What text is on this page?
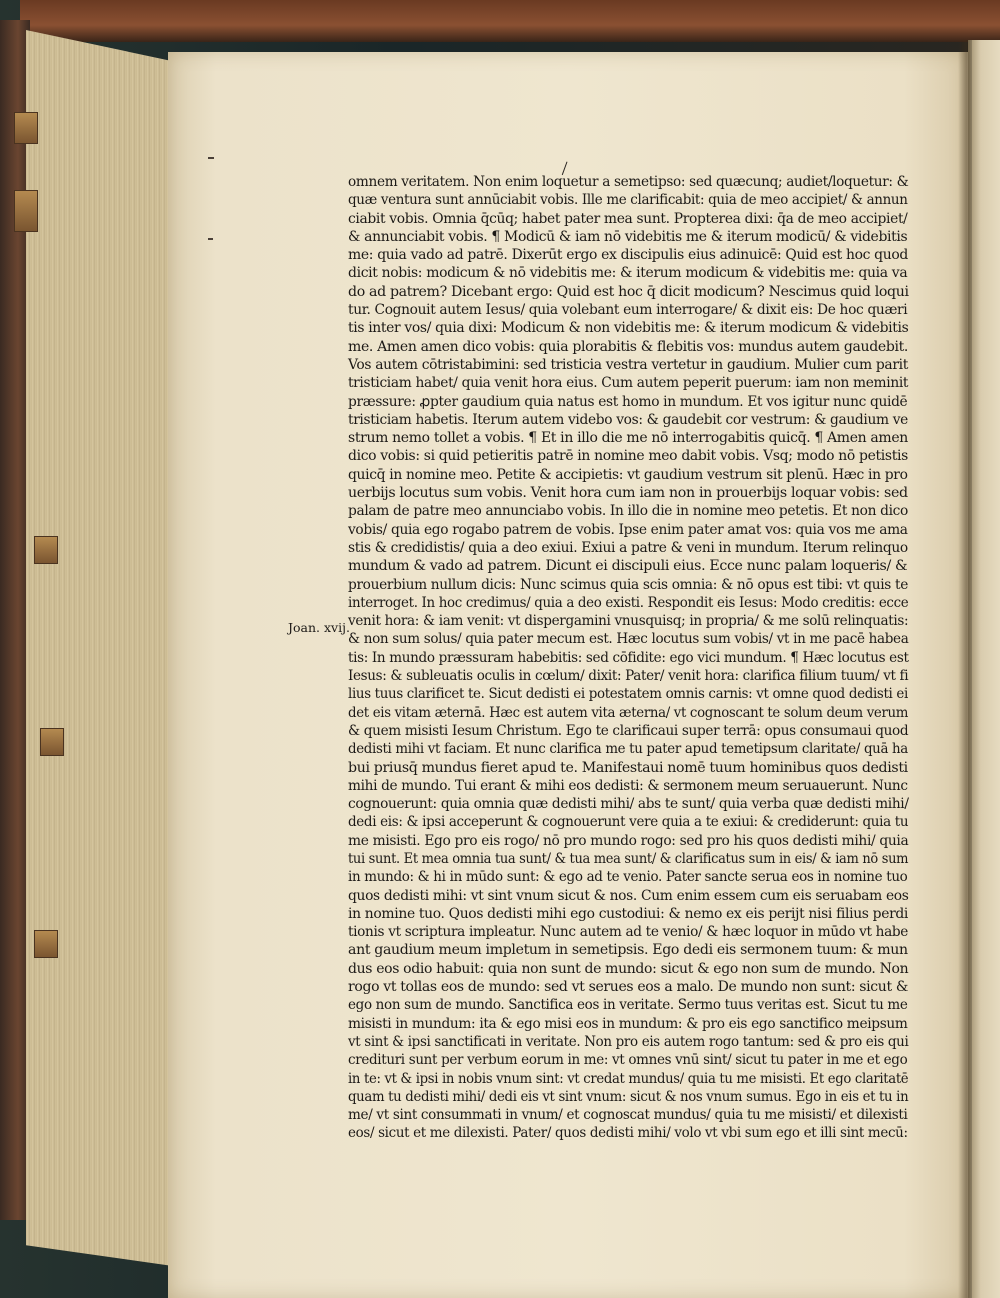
Joan. xvij.
omnem veritatem. Non enim loquetur a semetipso: sed quæcunq; audiet/loquetur: &
quæ ventura sunt annūciabit vobis. Ille me clarificabit: quia de meo accipiet/ & annun
ciabit vobis. Omnia q̄cūq; habet pater mea sunt. Propterea dixi: q̄a de meo accipiet/
& annunciabit vobis. ¶ Modicū & iam nō videbitis me & iterum modicū/ & videbitis
me: quia vado ad patrē. Dixerūt ergo ex discipulis eius adinuicē: Quid est hoc quod
dicit nobis: modicum & nō videbitis me: & iterum modicum & videbitis me: quia va
do ad patrem? Dicebant ergo: Quid est hoc q̄ dicit modicum? Nescimus quid loqui
tur. Cognouit autem Iesus/ quia volebant eum interrogare/ & dixit eis: De hoc quæri
tis inter vos/ quia dixi: Modicum & non videbitis me: & iterum modicum & videbitis
me. Amen amen dico vobis: quia plorabitis & flebitis vos: mundus autem gaudebit.
Vos autem cōtristabimini: sed tristicia vestra vertetur in gaudium. Mulier cum parit
tristiciam habet/ quia venit hora eius. Cum autem peperit puerum: iam non meminit
præssure: ꝓpter gaudium quia natus est homo in mundum. Et vos igitur nunc quidē
tristiciam habetis. Iterum autem videbo vos: & gaudebit cor vestrum: & gaudium ve
strum nemo tollet a vobis. ¶ Et in illo die me nō interrogabitis quicq̄. ¶ Amen amen
dico vobis: si quid petieritis patrē in nomine meo dabit vobis. Vsq; modo nō petistis
quicq̄ in nomine meo. Petite & accipietis: vt gaudium vestrum sit plenū. Hæc in pro
uerbijs locutus sum vobis. Venit hora cum iam non in prouerbijs loquar vobis: sed
palam de patre meo annunciabo vobis. In illo die in nomine meo petetis. Et non dico
vobis/ quia ego rogabo patrem de vobis. Ipse enim pater amat vos: quia vos me ama
stis & credidistis/ quia a deo exiui. Exiui a patre & veni in mundum. Iterum relinquo
mundum & vado ad patrem. Dicunt ei discipuli eius. Ecce nunc palam loqueris/ &
prouerbium nullum dicis: Nunc scimus quia scis omnia: & nō opus est tibi: vt quis te
interroget. In hoc credimus/ quia a deo existi. Respondit eis Iesus: Modo creditis: ecce
venit hora: & iam venit: vt dispergamini vnusquisq; in propria/ & me solū relinquatis:
& non sum solus/ quia pater mecum est. Hæc locutus sum vobis/ vt in me pacē habea
tis: In mundo præssuram habebitis: sed cōfidite: ego vici mundum. ¶ Hæc locutus est
Iesus: & subleuatis oculis in cœlum/ dixit: Pater/ venit hora: clarifica filium tuum/ vt fi
lius tuus clarificet te. Sicut dedisti ei potestatem omnis carnis: vt omne quod dedisti ei
det eis vitam æternā. Hæc est autem vita æterna/ vt cognoscant te solum deum verum
& quem misisti Iesum Christum. Ego te clarificaui super terrā: opus consumaui quod
dedisti mihi vt faciam. Et nunc clarifica me tu pater apud temetipsum claritate/ quā ha
bui priusq̄ mundus fieret apud te. Manifestaui nomē tuum hominibus quos dedisti
mihi de mundo. Tui erant & mihi eos dedisti: & sermonem meum seruauerunt. Nunc
cognouerunt: quia omnia quæ dedisti mihi/ abs te sunt/ quia verba quæ dedisti mihi/
dedi eis: & ipsi acceperunt & cognouerunt vere quia a te exiui: & crediderunt: quia tu
me misisti. Ego pro eis rogo/ nō pro mundo rogo: sed pro his quos dedisti mihi/ quia
tui sunt. Et mea omnia tua sunt/ & tua mea sunt/ & clarificatus sum in eis/ & iam nō sum
in mundo: & hi in mūdo sunt: & ego ad te venio. Pater sancte serua eos in nomine tuo
quos dedisti mihi: vt sint vnum sicut & nos. Cum enim essem cum eis seruabam eos
in nomine tuo. Quos dedisti mihi ego custodiui: & nemo ex eis perijt nisi filius perdi
tionis vt scriptura impleatur. Nunc autem ad te venio/ & hæc loquor in mūdo vt habe
ant gaudium meum impletum in semetipsis. Ego dedi eis sermonem tuum: & mun
dus eos odio habuit: quia non sunt de mundo: sicut & ego non sum de mundo. Non
rogo vt tollas eos de mundo: sed vt serues eos a malo. De mundo non sunt: sicut &
ego non sum de mundo. Sanctifica eos in veritate. Sermo tuus veritas est. Sicut tu me
misisti in mundum: ita & ego misi eos in mundum: & pro eis ego sanctifico meipsum
vt sint & ipsi sanctificati in veritate. Non pro eis autem rogo tantum: sed & pro eis qui
credituri sunt per verbum eorum in me: vt omnes vnū sint/ sicut tu pater in me et ego
in te: vt & ipsi in nobis vnum sint: vt credat mundus/ quia tu me misisti. Et ego claritatē
quam tu dedisti mihi/ dedi eis vt sint vnum: sicut & nos vnum sumus. Ego in eis et tu in
me/ vt sint consummati in vnum/ et cognoscat mundus/ quia tu me misisti/ et dilexisti
eos/ sicut et me dilexisti. Pater/ quos dedisti mihi/ volo vt vbi sum ego et illi sint mecū:
